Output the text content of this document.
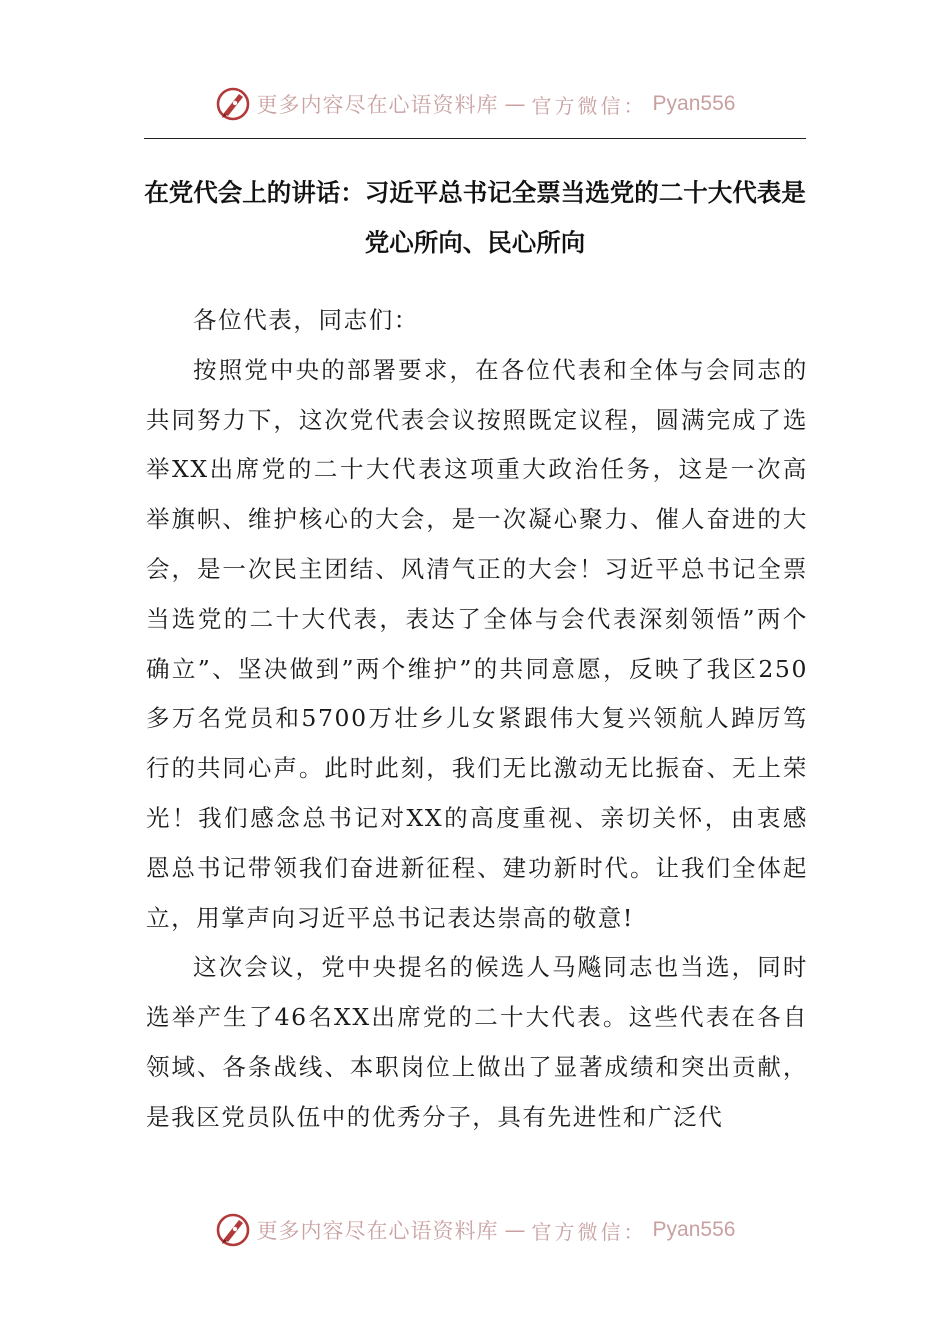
更多内容尽在心语资料库 — 官方微信： Pyan556
在党代会上的讲话：习近平总书记全票当选党的二十大代表是党心所向、民心所向

各位代表，同志们：

按照党中央的部署要求，在各位代表和全体与会同志的共同努力下，这次党代表会议按照既定议程，圆满完成了选举XX出席党的二十大代表这项重大政治任务，这是一次高举旗帜、维护核心的大会，是一次凝心聚力、催人奋进的大会，是一次民主团结、风清气正的大会！习近平总书记全票当选党的二十大代表，表达了全体与会代表深刻领悟”两个确立”、坚决做到”两个维护”的共同意愿，反映了我区250多万名党员和5700万壮乡儿女紧跟伟大复兴领航人踔厉笃行的共同心声。此时此刻，我们无比激动无比振奋、无上荣光！我们感念总书记对XX的高度重视、亲切关怀，由衷感恩总书记带领我们奋进新征程、建功新时代。让我们全体起立，用掌声向习近平总书记表达崇高的敬意!

这次会议，党中央提名的候选人马飚同志也当选，同时选举产生了46名XX出席党的二十大代表。这些代表在各自领域、各条战线、本职岗位上做出了显著成绩和突出贡献，是我区党员队伍中的优秀分子，具有先进性和广泛代

更多内容尽在心语资料库 — 官方微信： Pyan556
